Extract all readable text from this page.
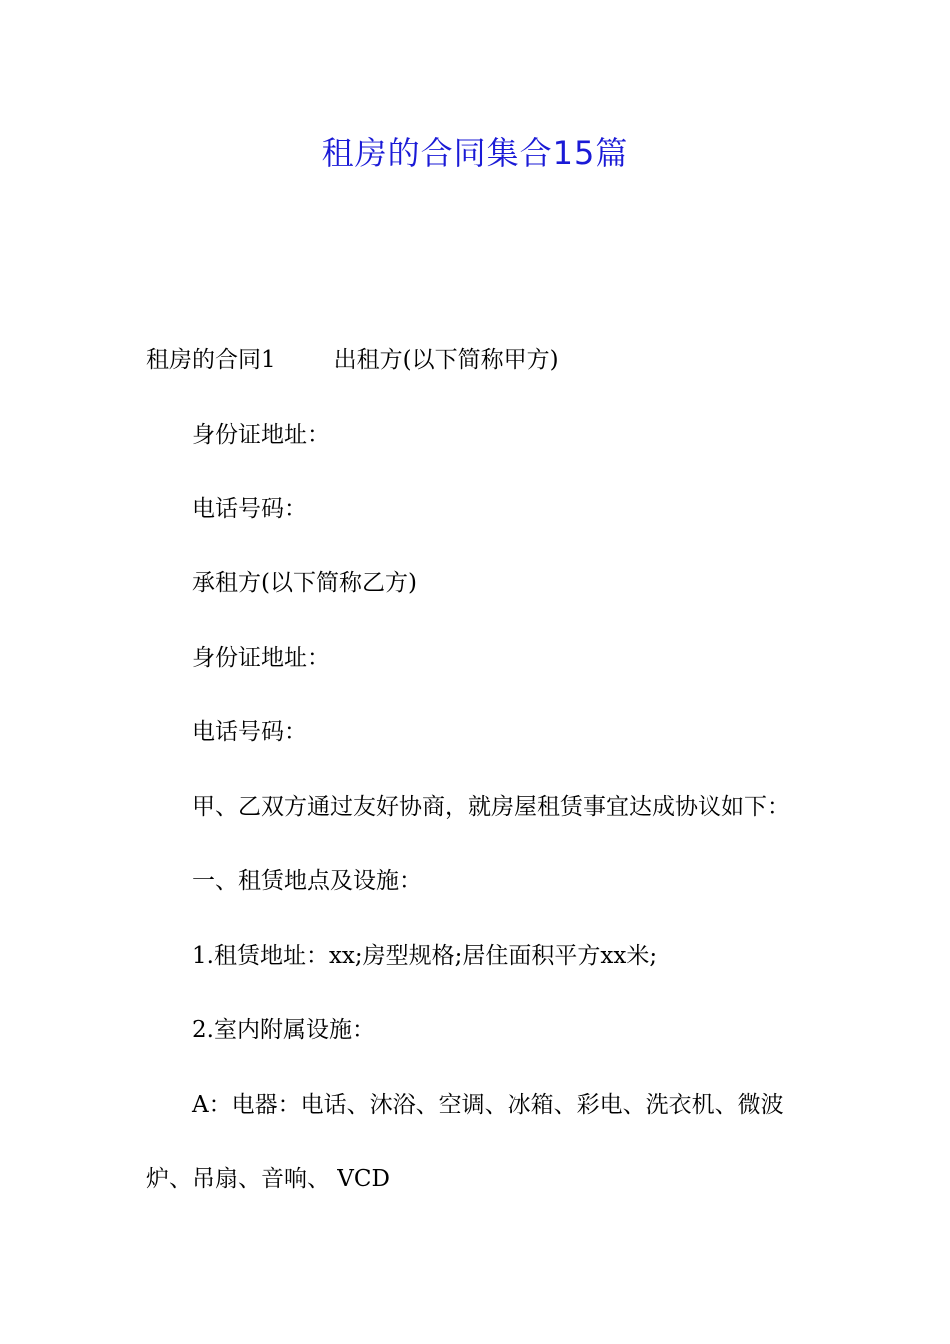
租房的合同集合15篇
租房的合同1	出租方(以下简称甲方)
身份证地址：
电话号码：
承租方(以下简称乙方)
身份证地址：
电话号码：
甲、乙双方通过友好协商，就房屋租赁事宜达成协议如下：
一、租赁地点及设施：
1.租赁地址：xx;房型规格;居住面积平方xx米;
2.室内附属设施：
A：电器：电话、沐浴、空调、冰箱、彩电、洗衣机、微波
炉、吊扇、音响、 VCD
